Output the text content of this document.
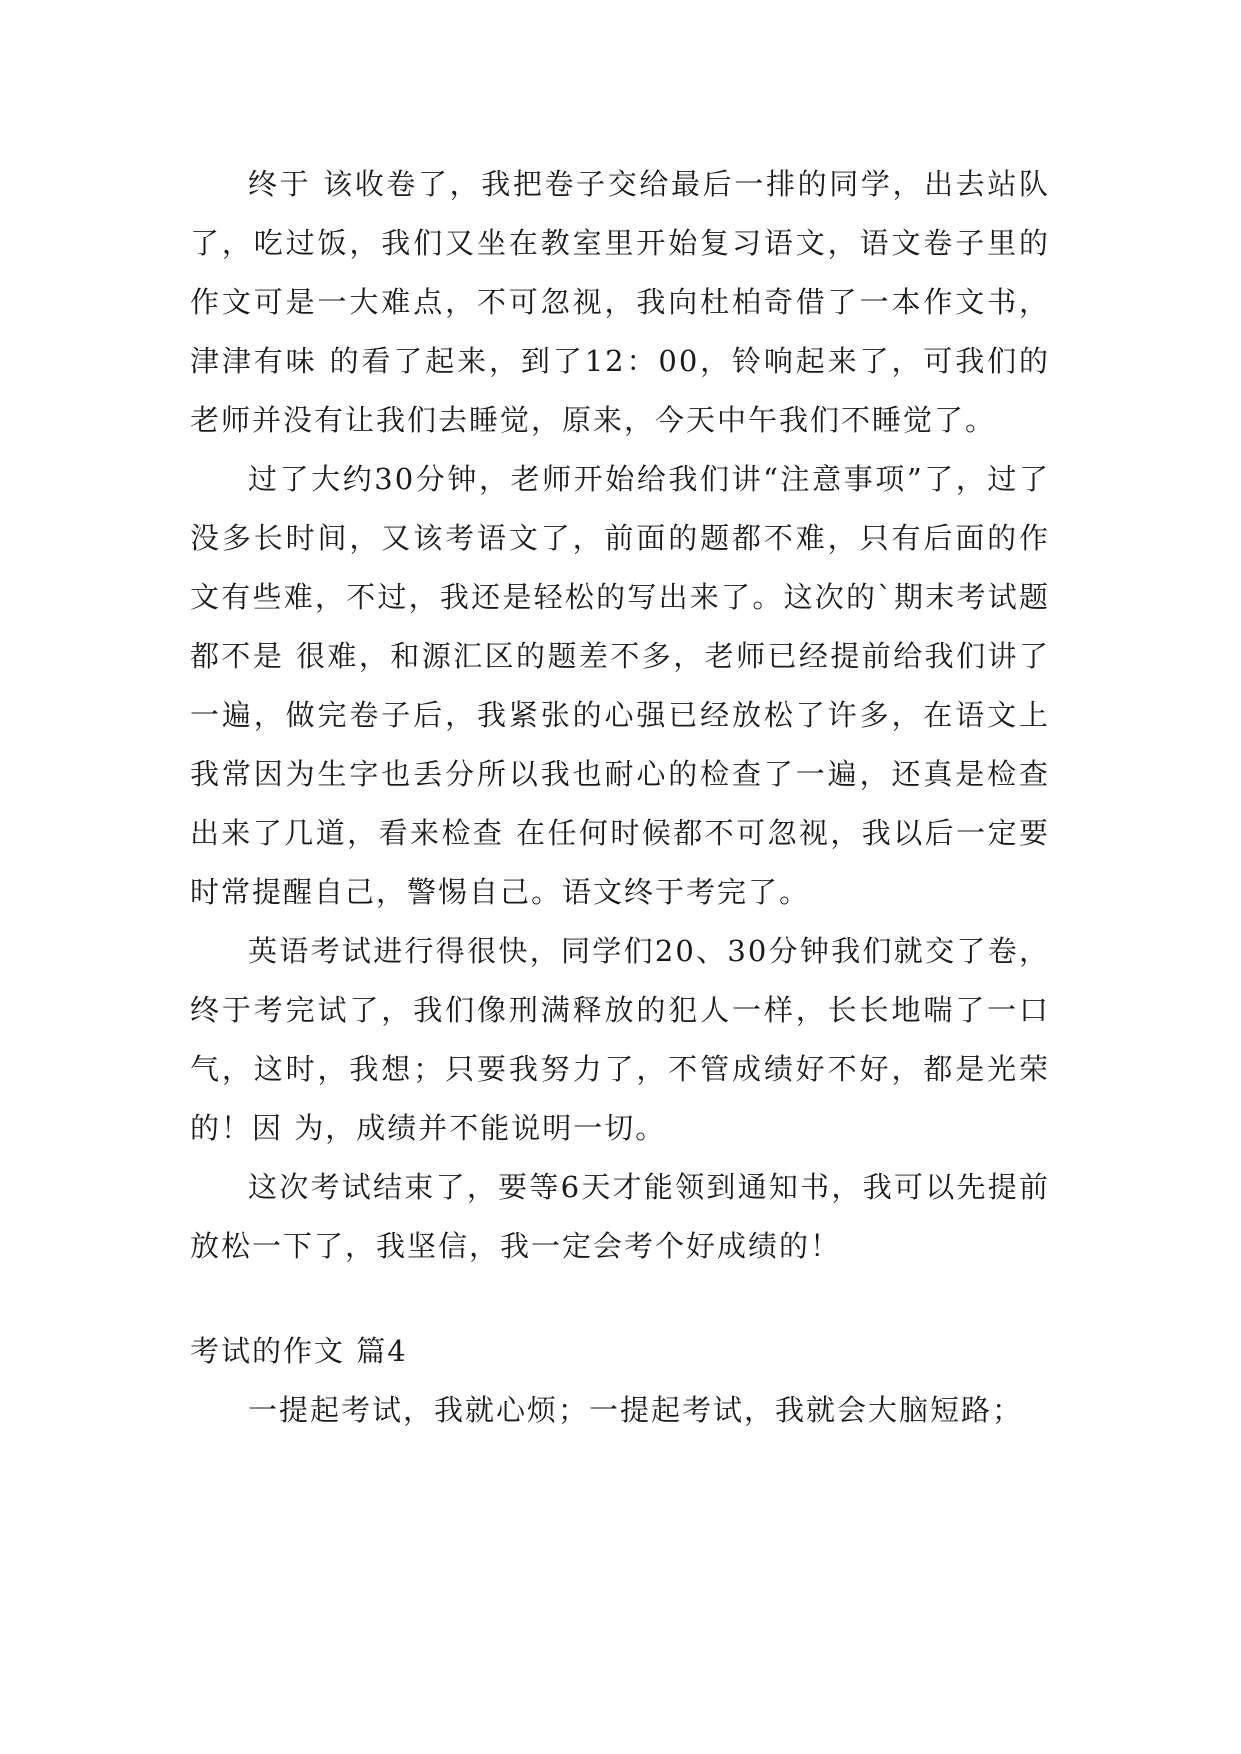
终于 该收卷了，我把卷子交给最后一排的同学，出去站队了，吃过饭，我们又坐在教室里开始复习语文，语文卷子里的作文可是一大难点，不可忽视，我向杜柏奇借了一本作文书，津津有味 的看了起来，到了12：00，铃响起来了，可我们的老师并没有让我们去睡觉，原来，今天中午我们不睡觉了。

过了大约30分钟，老师开始给我们讲“注意事项”了，过了没多长时间，又该考语文了，前面的题都不难，只有后面的作文有些难，不过，我还是轻松的写出来了。这次的`期末考试题都不是 很难，和源汇区的题差不多，老师已经提前给我们讲了一遍，做完卷子后，我紧张的心强已经放松了许多，在语文上我常因为生字也丢分所以我也耐心的检查了一遍，还真是检查出来了几道，看来检查 在任何时候都不可忽视，我以后一定要时常提醒自己，警惕自己。语文终于考完了。

英语考试进行得很快，同学们20、30分钟我们就交了卷，终于考完试了，我们像刑满释放的犯人一样，长长地喘了一口气，这时，我想；只要我努力了，不管成绩好不好，都是光荣的！因 为，成绩并不能说明一切。

这次考试结束了，要等6天才能领到通知书，我可以先提前放松一下了，我坚信，我一定会考个好成绩的！

考试的作文 篇4

一提起考试，我就心烦；一提起考试，我就会大脑短路；
